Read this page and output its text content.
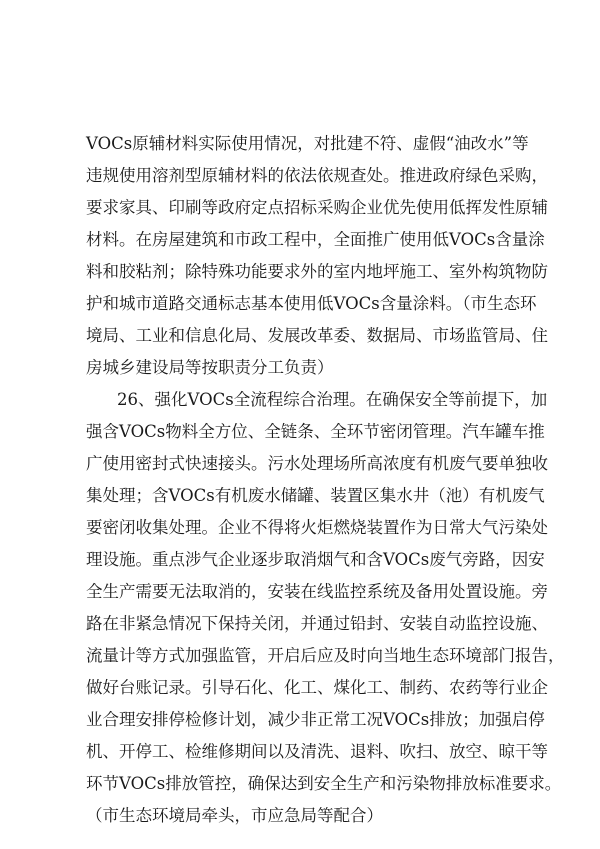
VOCs原辅材料实际使用情况，对批建不符、虚假“油改水”等
违规使用溶剂型原辅材料的依法依规查处。推进政府绿色采购，
要求家具、印刷等政府定点招标采购企业优先使用低挥发性原辅
材料。在房屋建筑和市政工程中，全面推广使用低VOCs含量涂
料和胶粘剂；除特殊功能要求外的室内地坪施工、室外构筑物防
护和城市道路交通标志基本使用低VOCs含量涂料。（市生态环
境局、工业和信息化局、发展改革委、数据局、市场监管局、住
房城乡建设局等按职责分工负责）
26、强化VOCs全流程综合治理。在确保安全等前提下，加
强含VOCs物料全方位、全链条、全环节密闭管理。汽车罐车推
广使用密封式快速接头。污水处理场所高浓度有机废气要单独收
集处理；含VOCs有机废水储罐、装置区集水井（池）有机废气
要密闭收集处理。企业不得将火炬燃烧装置作为日常大气污染处
理设施。重点涉气企业逐步取消烟气和含VOCs废气旁路，因安
全生产需要无法取消的，安装在线监控系统及备用处置设施。旁
路在非紧急情况下保持关闭，并通过铅封、安装自动监控设施、
流量计等方式加强监管，开启后应及时向当地生态环境部门报告，
做好台账记录。引导石化、化工、煤化工、制药、农药等行业企
业合理安排停检修计划，减少非正常工况VOCs排放；加强启停
机、开停工、检维修期间以及清洗、退料、吹扫、放空、晾干等
环节VOCs排放管控，确保达到安全生产和污染物排放标准要求。
（市生态环境局牵头，市应急局等配合）
